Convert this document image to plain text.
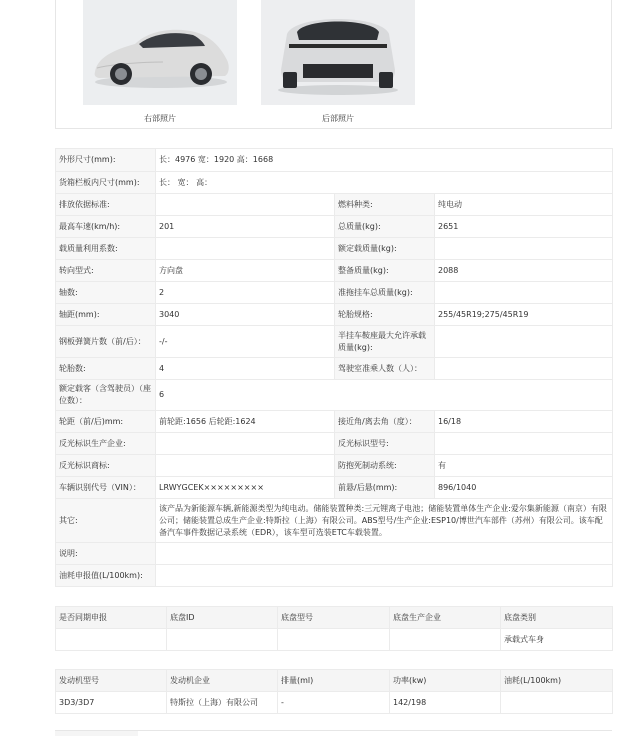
右部照片	后部照片
外形尺寸(mm):	长：4976 宽：1920 高：1668		
货箱栏板内尺寸(mm):	长： 宽： 高：		
排放依据标准:		燃料种类:	纯电动
最高车速(km/h):	201	总质量(kg):	2651
载质量利用系数:		额定载质量(kg):	
转向型式:	方向盘	整备质量(kg):	2088
轴数:	2	准拖挂车总质量(kg):	
轴距(mm):	3040	轮胎规格:	255/45R19;275/45R19
钢板弹簧片数（前/后）：	-/-	半挂车鞍座最大允许承载质量(kg):	
轮胎数:	4	驾驶室准乘人数（人）：	
额定载客（含驾驶员）（座位数）：	6		
轮距（前/后)mm:	前轮距:1656 后轮距:1624	接近角/离去角（度）：	16/18
反光标识生产企业:		反光标识型号:	
反光标识商标:		防抱死制动系统:	有
车辆识别代号（VIN）：	LRWYGCEK×××××××××	前悬/后悬(mm):	896/1040
其它:	该产品为新能源车辆,新能源类型为纯电动。储能装置种类:三元锂离子电池；储能装置单体生产企业:爱尔集新能源（南京）有限公司；储能装置总成生产企业:特斯拉（上海）有限公司。ABS型号/生产企业:ESP10/博世汽车部件（苏州）有限公司。该车配备汽车事件数据记录系统（EDR），该车型可选装ETC车载装置。		
说明:			
油耗申报值(L/100km):			
是否同期申报	底盘ID	底盘型号	底盘生产企业	底盘类别
				承载式车身
发动机型号	发动机企业	排量(ml)	功率(kw)	油耗(L/100km)
3D3/3D7	特斯拉（上海）有限公司	-	142/198	
